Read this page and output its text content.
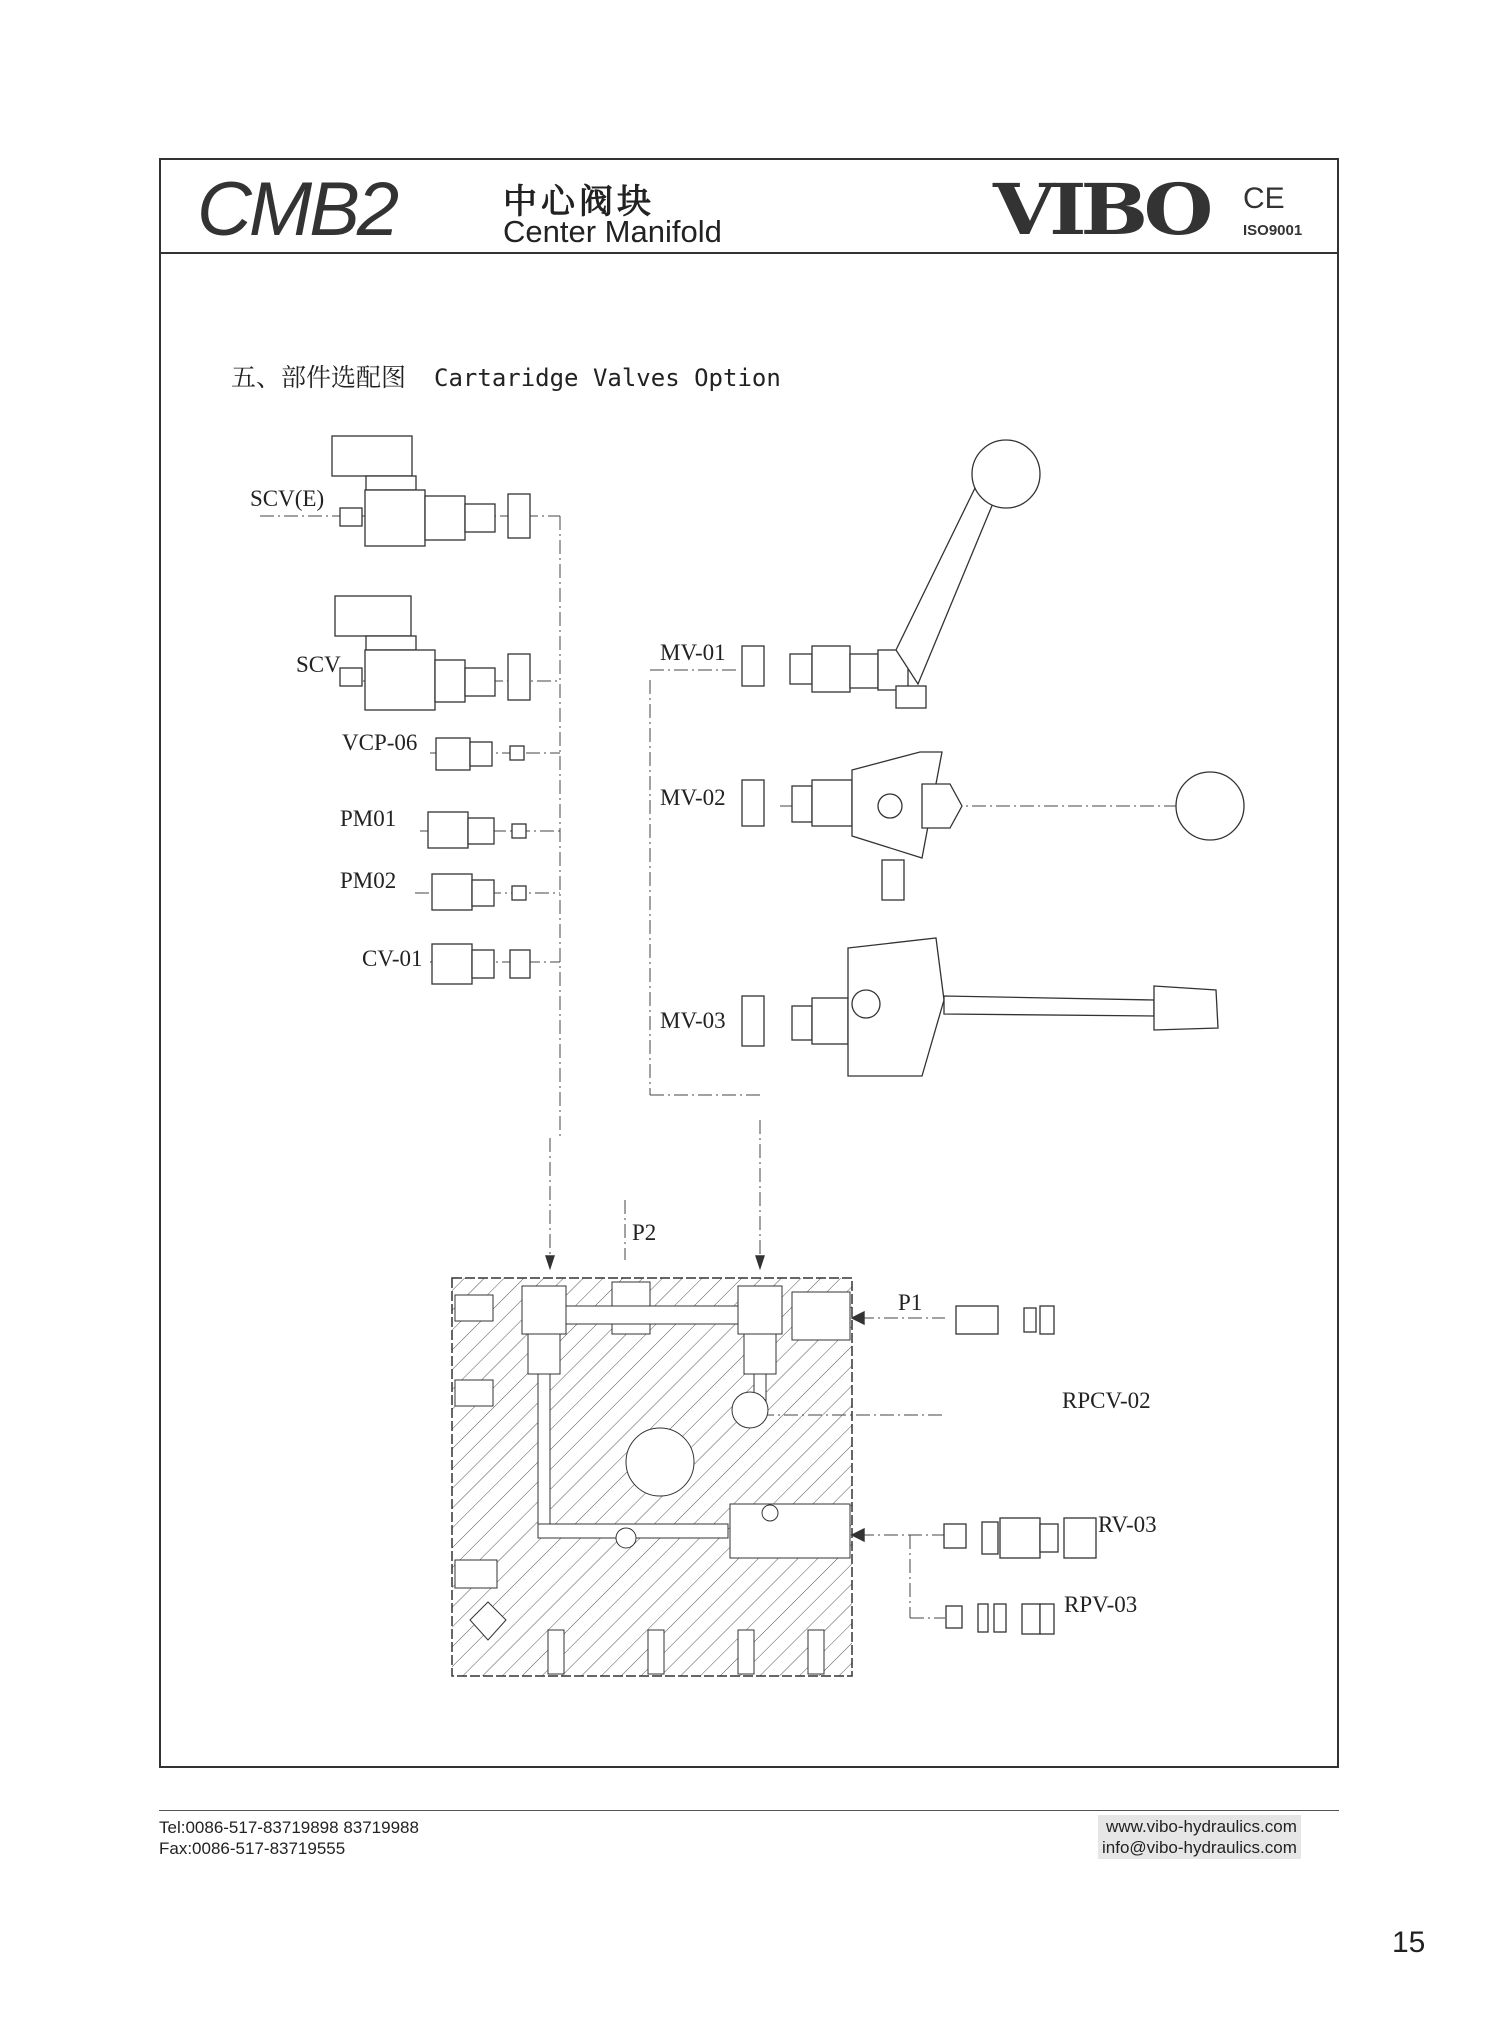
CMB2	中心阀块
Center Manifold	VIBO CE
ISO9001
五、部件选配图 Cartaridge Valves Option
SCV(E)
SCV
VCP-06
PM01
PM02
CV-01
MV-01
MV-02
MV-03
P2
P1
RPCV-02
RV-03
RPV-03
Tel:0086-517-83719898 83719988
Fax:0086-517-83719555
www.vibo-hydraulics.com
info@vibo-hydraulics.com
15
